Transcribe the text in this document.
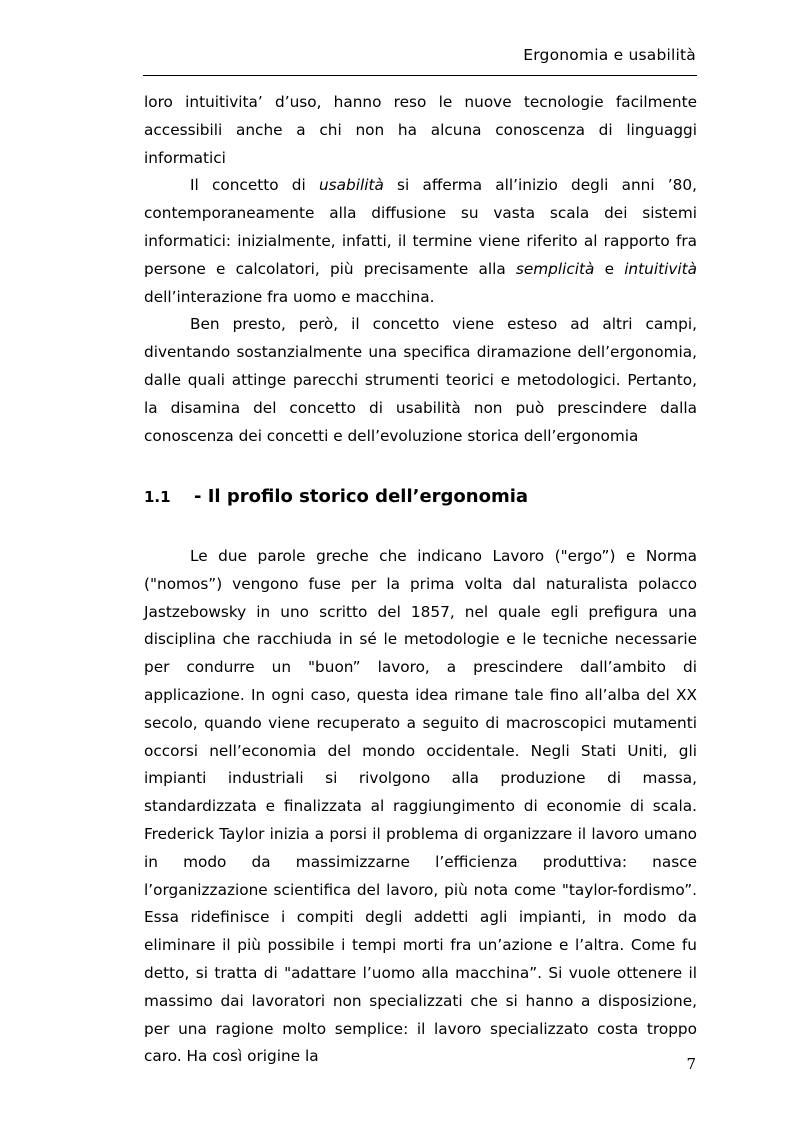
Ergonomia e usabilità

loro intuitivita’ d’uso, hanno reso le nuove tecnologie facilmente accessibili anche a chi non ha alcuna conoscenza di linguaggi informatici

Il concetto di usabilità si afferma all’inizio degli anni ’80, contemporaneamente alla diffusione su vasta scala dei sistemi informatici: inizialmente, infatti, il termine viene riferito al rapporto fra persone e calcolatori, più precisamente alla semplicità e intuitività dell’interazione fra uomo e macchina.

Ben presto, però, il concetto viene esteso ad altri campi, diventando sostanzialmente una specifica diramazione dell’ergonomia, dalle quali attinge parecchi strumenti teorici e metodologici. Pertanto, la disamina del concetto di usabilità non può prescindere dalla conoscenza dei concetti e dell’evoluzione storica dell’ergonomia

1.1 - Il profilo storico dell’ergonomia

Le due parole greche che indicano Lavoro ("ergo”) e Norma ("nomos”) vengono fuse per la prima volta dal naturalista polacco Jastzebowsky in uno scritto del 1857, nel quale egli prefigura una disciplina che racchiuda in sé le metodologie e le tecniche necessarie per condurre un "buon” lavoro, a prescindere dall’ambito di applicazione. In ogni caso, questa idea rimane tale fino all’alba del XX secolo, quando viene recuperato a seguito di macroscopici mutamenti occorsi nell’economia del mondo occidentale. Negli Stati Uniti, gli impianti industriali si rivolgono alla produzione di massa, standardizzata e finalizzata al raggiungimento di economie di scala. Frederick Taylor inizia a porsi il problema di organizzare il lavoro umano in modo da massimizzarne l’efficienza produttiva: nasce l’organizzazione scientifica del lavoro, più nota come "taylor-fordismo”. Essa ridefinisce i compiti degli addetti agli impianti, in modo da eliminare il più possibile i tempi morti fra un’azione e l’altra. Come fu detto, si tratta di "adattare l’uomo alla macchina”. Si vuole ottenere il massimo dai lavoratori non specializzati che si hanno a disposizione, per una ragione molto semplice: il lavoro specializzato costa troppo caro. Ha così origine la	7
